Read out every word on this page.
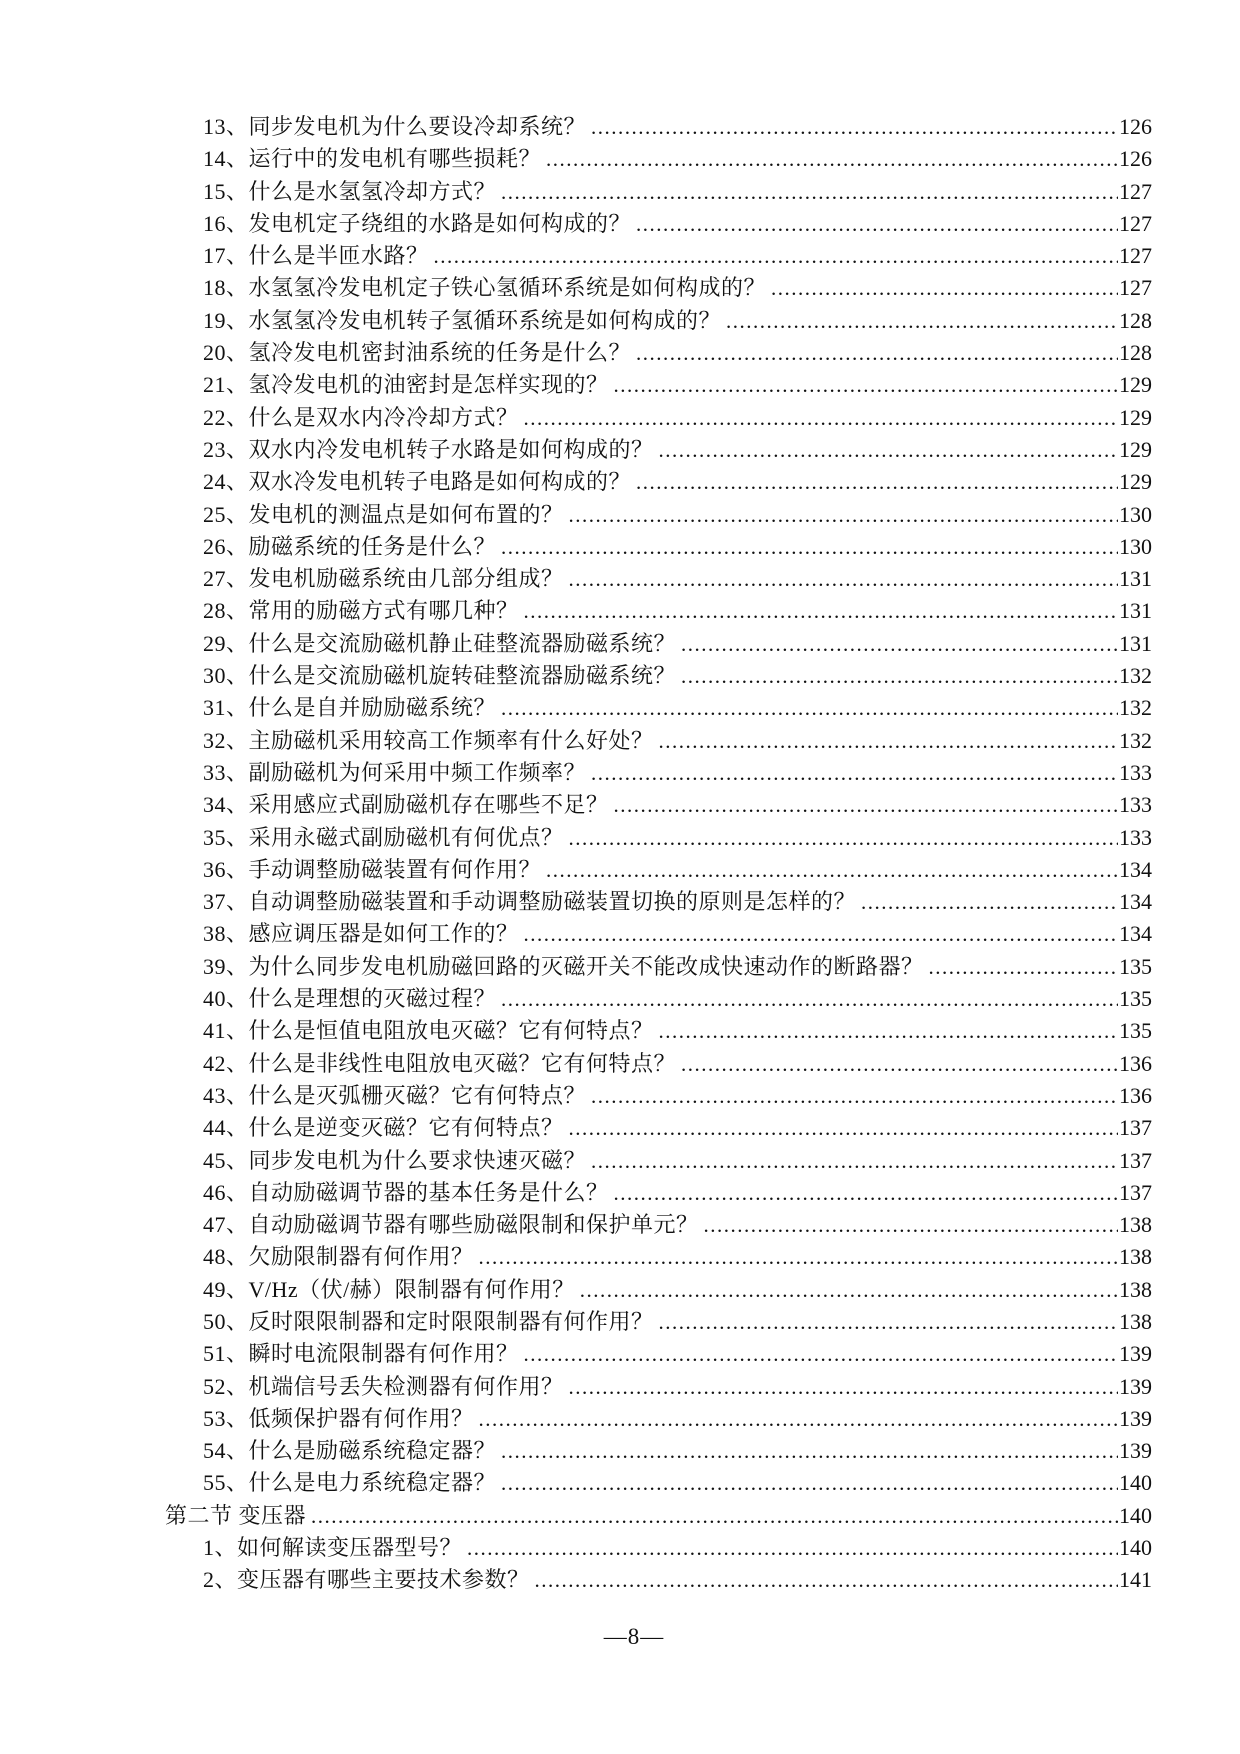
13、同步发电机为什么要设冷却系统？ .....	126
14、运行中的发电机有哪些损耗？ .....	126
15、什么是水氢氢冷却方式？ .....	127
16、发电机定子绕组的水路是如何构成的？ .....	127
17、什么是半匝水路？ .....	127
18、水氢氢冷发电机定子铁心氢循环系统是如何构成的？ .....	127
19、水氢氢冷发电机转子氢循环系统是如何构成的？ .....	128
20、氢冷发电机密封油系统的任务是什么？ .....	128
21、氢冷发电机的油密封是怎样实现的？ .....	129
22、什么是双水内冷冷却方式？ .....	129
23、双水内冷发电机转子水路是如何构成的？ .....	129
24、双水冷发电机转子电路是如何构成的？ .....	129
25、发电机的测温点是如何布置的？ .....	130
26、励磁系统的任务是什么？ .....	130
27、发电机励磁系统由几部分组成？ .....	131
28、常用的励磁方式有哪几种？ .....	131
29、什么是交流励磁机静止硅整流器励磁系统？ .....	131
30、什么是交流励磁机旋转硅整流器励磁系统？ .....	132
31、什么是自并励励磁系统？ .....	132
32、主励磁机采用较高工作频率有什么好处？ .....	132
33、副励磁机为何采用中频工作频率？ .....	133
34、采用感应式副励磁机存在哪些不足？ .....	133
35、采用永磁式副励磁机有何优点？ .....	133
36、手动调整励磁装置有何作用？ .....	134
37、自动调整励磁装置和手动调整励磁装置切换的原则是怎样的？ .....	134
38、感应调压器是如何工作的？ .....	134
39、为什么同步发电机励磁回路的灭磁开关不能改成快速动作的断路器？ .....	135
40、什么是理想的灭磁过程？ .....	135
41、什么是恒值电阻放电灭磁？它有何特点？ .....	135
42、什么是非线性电阻放电灭磁？它有何特点？ .....	136
43、什么是灭弧栅灭磁？它有何特点？ .....	136
44、什么是逆变灭磁？它有何特点？ .....	137
45、同步发电机为什么要求快速灭磁？ .....	137
46、自动励磁调节器的基本任务是什么？ .....	137
47、自动励磁调节器有哪些励磁限制和保护单元？ .....	138
48、欠励限制器有何作用？ .....	138
49、V/Hz（伏/赫）限制器有何作用？ .....	138
50、反时限限制器和定时限限制器有何作用？ .....	138
51、瞬时电流限制器有何作用？ .....	139
52、机端信号丢失检测器有何作用？ .....	139
53、低频保护器有何作用？ .....	139
54、什么是励磁系统稳定器？ .....	139
55、什么是电力系统稳定器？ .....	140
第二节 变压器 .....	140
1、如何解读变压器型号？ .....	140
2、变压器有哪些主要技术参数？ .....	141
—8—
